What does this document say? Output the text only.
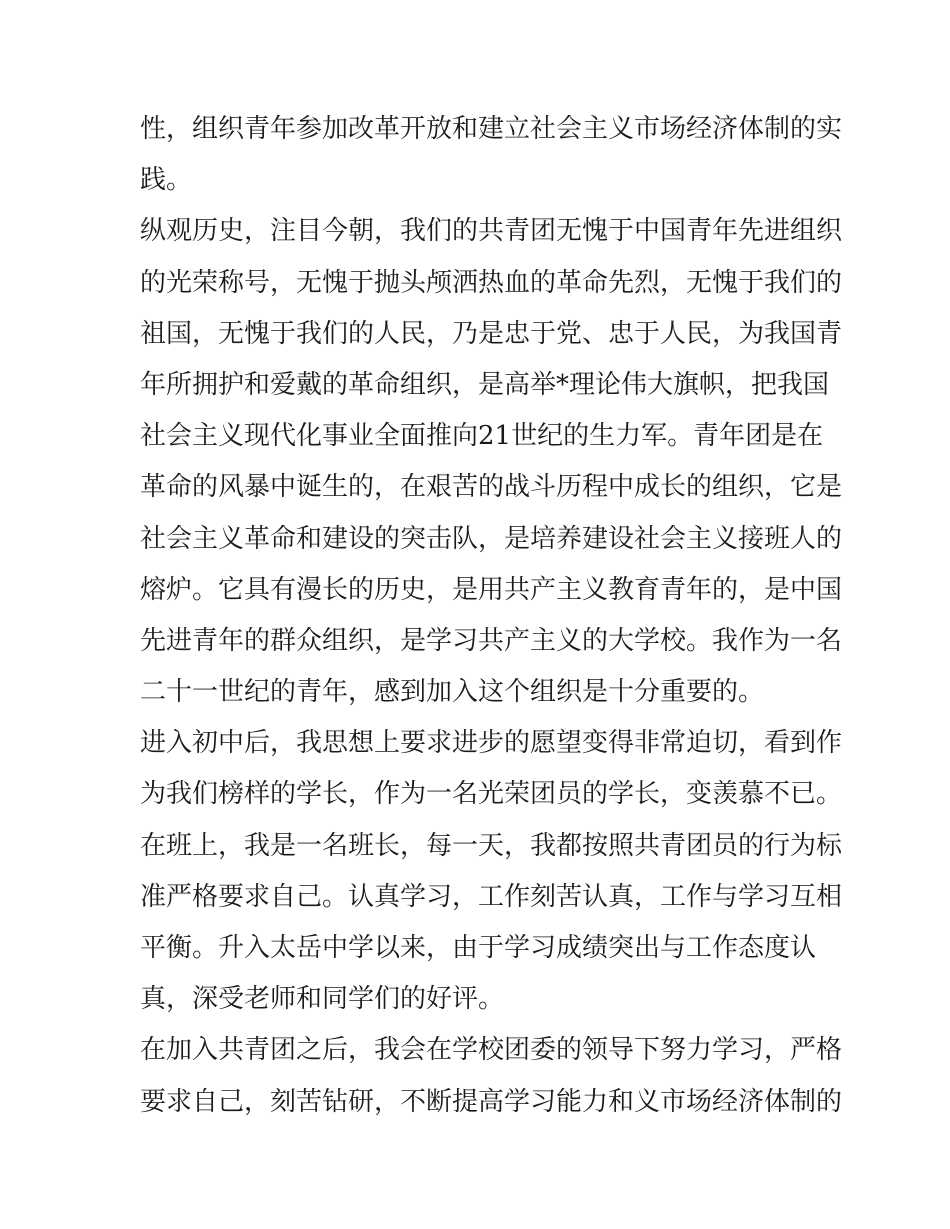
性，组织青年参加改革开放和建立社会主义市场经济体制的实
践。
纵观历史，注目今朝，我们的共青团无愧于中国青年先进组织
的光荣称号，无愧于抛头颅洒热血的革命先烈，无愧于我们的
祖国，无愧于我们的人民，乃是忠于党、忠于人民，为我国青
年所拥护和爱戴的革命组织，是高举*理论伟大旗帜，把我国
社会主义现代化事业全面推向21世纪的生力军。青年团是在
革命的风暴中诞生的，在艰苦的战斗历程中成长的组织，它是
社会主义革命和建设的突击队，是培养建设社会主义接班人的
熔炉。它具有漫长的历史，是用共产主义教育青年的，是中国
先进青年的群众组织，是学习共产主义的大学校。我作为一名
二十一世纪的青年，感到加入这个组织是十分重要的。
进入初中后，我思想上要求进步的愿望变得非常迫切，看到作
为我们榜样的学长，作为一名光荣团员的学长，变羡慕不已。
在班上，我是一名班长，每一天，我都按照共青团员的行为标
准严格要求自己。认真学习，工作刻苦认真，工作与学习互相
平衡。升入太岳中学以来，由于学习成绩突出与工作态度认
真，深受老师和同学们的好评。
在加入共青团之后，我会在学校团委的领导下努力学习，严格
要求自己，刻苦钻研，不断提高学习能力和义市场经济体制的
